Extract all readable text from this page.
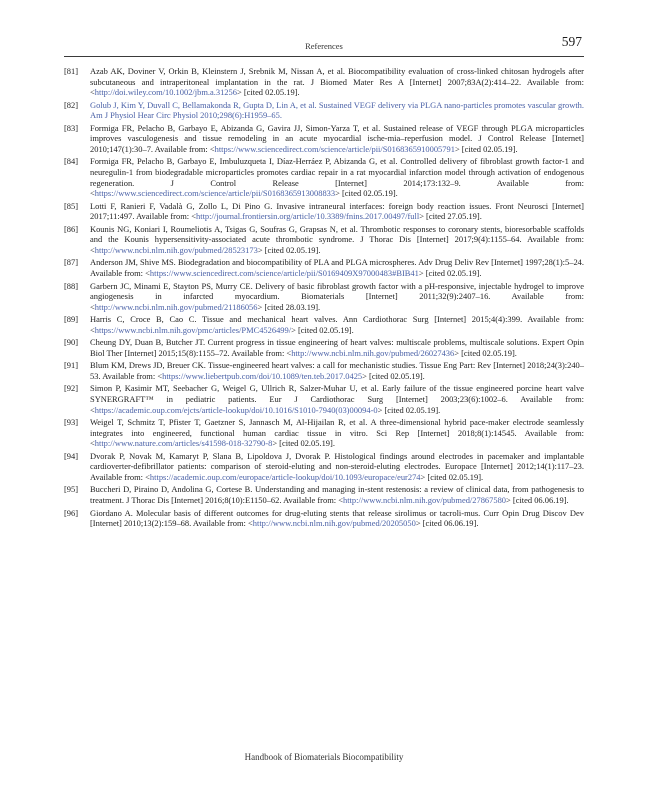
References	597
[81]	Azab AK, Doviner V, Orkin B, Kleinstern J, Srebnik M, Nissan A, et al. Biocompatibility evaluation of cross-linked chitosan hydrogels after subcutaneous and intraperitoneal implantation in the rat. J Biomed Mater Res A [Internet] 2007;83A(2):414–22. Available from: <http://doi.wiley.com/10.1002/jbm.a.31256> [cited 02.05.19].
[82]	Golub J, Kim Y, Duvall C, Bellamakonda R, Gupta D, Lin A, et al. Sustained VEGF delivery via PLGA nano-particles promotes vascular growth. Am J Physiol Hear Circ Physiol 2010;298(6):H1959–65.
[83]	Formiga FR, Pelacho B, Garbayo E, Abizanda G, Gavira JJ, Simon-Yarza T, et al. Sustained release of VEGF through PLGA microparticles improves vasculogenesis and tissue remodeling in an acute myocardial ische-mia–reperfusion model. J Control Release [Internet] 2010;147(1):30–7. Available from: <https://www.sciencedirect.com/science/article/pii/S0168365910005791> [cited 02.05.19].
[84]	Formiga FR, Pelacho B, Garbayo E, Imbuluzqueta I, Díaz-Herráez P, Abizanda G, et al. Controlled delivery of fibroblast growth factor-1 and neuregulin-1 from biodegradable microparticles promotes cardiac repair in a rat myocardial infarction model through activation of endogenous regeneration. J Control Release [Internet] 2014;173:132–9. Available from: <https://www.sciencedirect.com/science/article/pii/S0168365913008833> [cited 02.05.19].
[85]	Lotti F, Ranieri F, Vadalà G, Zollo L, Di Pino G. Invasive intraneural interfaces: foreign body reaction issues. Front Neurosci [Internet] 2017;11:497. Available from: <http://journal.frontiersin.org/article/10.3389/fnins.2017.00497/full> [cited 27.05.19].
[86]	Kounis NG, Koniari I, Roumeliotis A, Tsigas G, Soufras G, Grapsas N, et al. Thrombotic responses to coronary stents, bioresorbable scaffolds and the Kounis hypersensitivity-associated acute thrombotic syndrome. J Thorac Dis [Internet] 2017;9(4):1155–64. Available from: <http://www.ncbi.nlm.nih.gov/pubmed/28523173> [cited 02.05.19].
[87]	Anderson JM, Shive MS. Biodegradation and biocompatibility of PLA and PLGA microspheres. Adv Drug Deliv Rev [Internet] 1997;28(1):5–24. Available from: <https://www.sciencedirect.com/science/article/pii/S0169409X97000483#BIB41> [cited 02.05.19].
[88]	Garbern JC, Minami E, Stayton PS, Murry CE. Delivery of basic fibroblast growth factor with a pH-responsive, injectable hydrogel to improve angiogenesis in infarcted myocardium. Biomaterials [Internet] 2011;32(9):2407–16. Available from: <http://www.ncbi.nlm.nih.gov/pubmed/21186056> [cited 28.03.19].
[89]	Harris C, Croce B, Cao C. Tissue and mechanical heart valves. Ann Cardiothorac Surg [Internet] 2015;4(4):399. Available from: <https://www.ncbi.nlm.nih.gov/pmc/articles/PMC4526499/> [cited 02.05.19].
[90]	Cheung DY, Duan B, Butcher JT. Current progress in tissue engineering of heart valves: multiscale problems, multiscale solutions. Expert Opin Biol Ther [Internet] 2015;15(8):1155–72. Available from: <http://www.ncbi.nlm.nih.gov/pubmed/26027436> [cited 02.05.19].
[91]	Blum KM, Drews JD, Breuer CK. Tissue-engineered heart valves: a call for mechanistic studies. Tissue Eng Part: Rev [Internet] 2018;24(3):240–53. Available from: <https://www.liebertpub.com/doi/10.1089/ten.teb.2017.0425> [cited 02.05.19].
[92]	Simon P, Kasimir MT, Seebacher G, Weigel G, Ullrich R, Salzer-Muhar U, et al. Early failure of the tissue engineered porcine heart valve SYNERGRAFT™ in pediatric patients. Eur J Cardiothorac Surg [Internet] 2003;23(6):1002–6. Available from: <https://academic.oup.com/ejcts/article-lookup/doi/10.1016/S1010-7940(03)00094-0> [cited 02.05.19].
[93]	Weigel T, Schmitz T, Pfister T, Gaetzner S, Jannasch M, Al-Hijailan R, et al. A three-dimensional hybrid pace-maker electrode seamlessly integrates into engineered, functional human cardiac tissue in vitro. Sci Rep [Internet] 2018;8(1):14545. Available from: <http://www.nature.com/articles/s41598-018-32790-8> [cited 02.05.19].
[94]	Dvorak P, Novak M, Kamaryt P, Slana B, Lipoldova J, Dvorak P. Histological findings around electrodes in pacemaker and implantable cardioverter-defibrillator patients: comparison of steroid-eluting and non-steroid-eluting electrodes. Europace [Internet] 2012;14(1):117–23. Available from: <https://academic.oup.com/europace/article-lookup/doi/10.1093/europace/eur274> [cited 02.05.19].
[95]	Buccheri D, Piraino D, Andolina G, Cortese B. Understanding and managing in-stent restenosis: a review of clinical data, from pathogenesis to treatment. J Thorac Dis [Internet] 2016;8(10):E1150–62. Available from: <http://www.ncbi.nlm.nih.gov/pubmed/27867580> [cited 06.06.19].
[96]	Giordano A. Molecular basis of different outcomes for drug-eluting stents that release sirolimus or tacroli-mus. Curr Opin Drug Discov Dev [Internet] 2010;13(2):159–68. Available from: <http://www.ncbi.nlm.nih.gov/pubmed/20205050> [cited 06.06.19].
Handbook of Biomaterials Biocompatibility
